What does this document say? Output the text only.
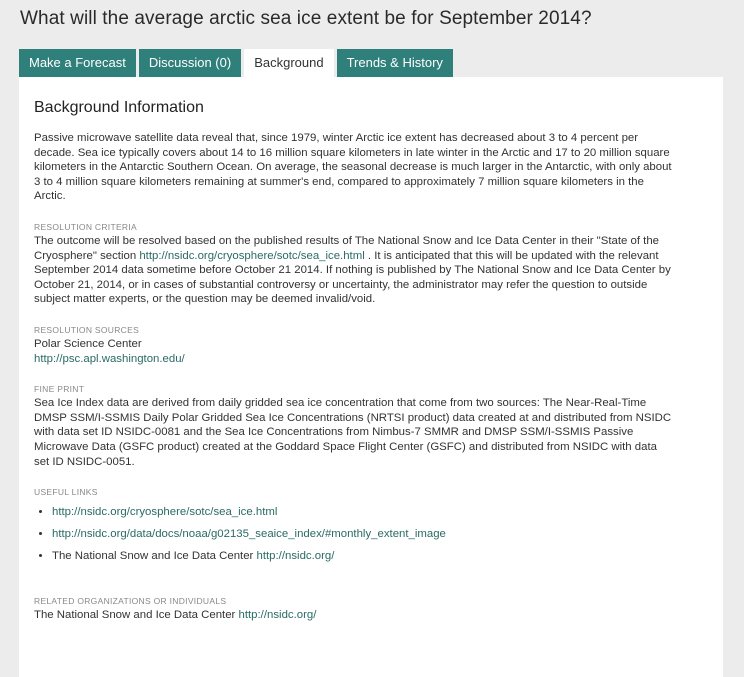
What will the average arctic sea ice extent be for September 2014?
Make a Forecast	Discussion (0)	Background	Trends & History
Background Information

Passive microwave satellite data reveal that, since 1979, winter Arctic ice extent has decreased about 3 to 4 percent per decade. Sea ice typically covers about 14 to 16 million square kilometers in late winter in the Arctic and 17 to 20 million square kilometers in the Antarctic Southern Ocean. On average, the seasonal decrease is much larger in the Antarctic, with only about 3 to 4 million square kilometers remaining at summer's end, compared to approximately 7 million square kilometers in the Arctic.

RESOLUTION CRITERIA

The outcome will be resolved based on the published results of The National Snow and Ice Data Center in their "State of the Cryosphere" section http://nsidc.org/cryosphere/sotc/sea_ice.html . It is anticipated that this will be updated with the relevant September 2014 data sometime before October 21 2014. If nothing is published by The National Snow and Ice Data Center by October 21, 2014, or in cases of substantial controversy or uncertainty, the administrator may refer the question to outside subject matter experts, or the question may be deemed invalid/void.

RESOLUTION SOURCES

Polar Science Center

http://psc.apl.washington.edu/

FINE PRINT

Sea Ice Index data are derived from daily gridded sea ice concentration that come from two sources: The Near-Real-Time DMSP SSM/I-SSMIS Daily Polar Gridded Sea Ice Concentrations (NRTSI product) data created at and distributed from NSIDC with data set ID NSIDC-0081 and the Sea Ice Concentrations from Nimbus-7 SMMR and DMSP SSM/I-SSMIS Passive Microwave Data (GSFC product) created at the Goddard Space Flight Center (GSFC) and distributed from NSIDC with data set ID NSIDC-0051.

USEFUL LINKS
• http://nsidc.org/cryosphere/sotc/sea_ice.html
• http://nsidc.org/data/docs/noaa/g02135_seaice_index/#monthly_extent_image
• The National Snow and Ice Data Center http://nsidc.org/
RELATED ORGANIZATIONS OR INDIVIDUALS

The National Snow and Ice Data Center http://nsidc.org/
